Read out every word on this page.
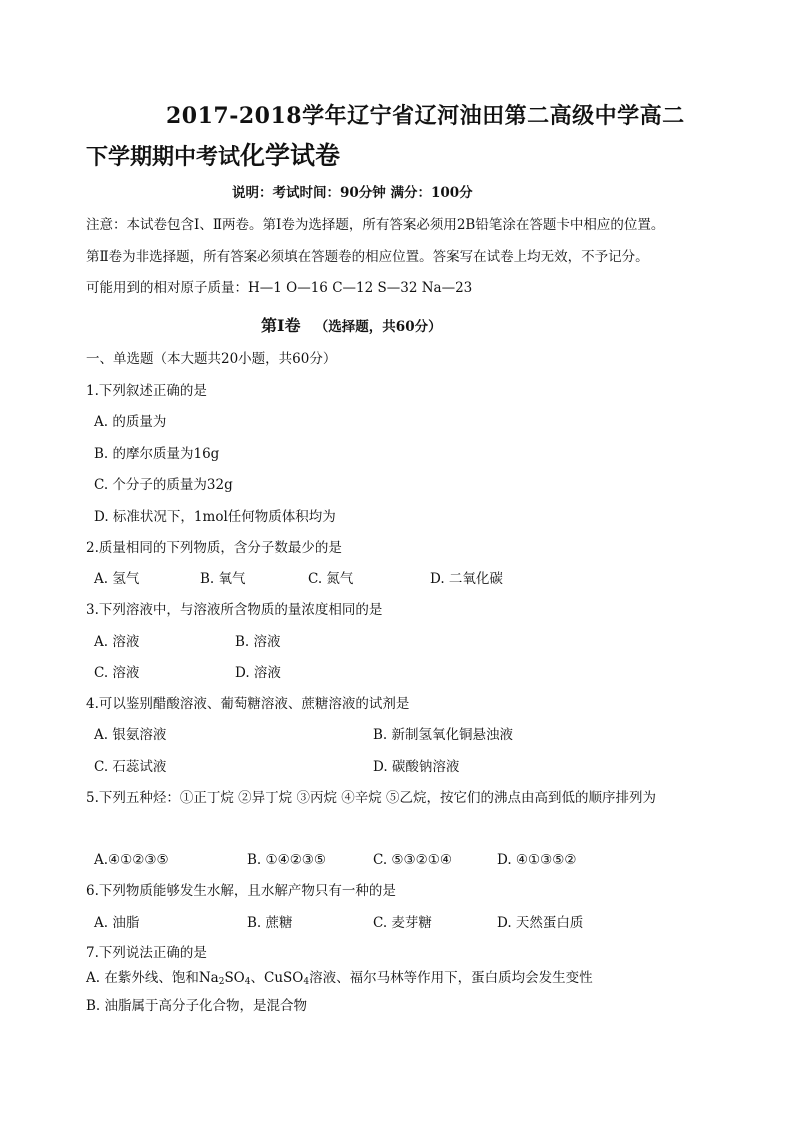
2017-2018学年辽宁省辽河油田第二高级中学高二
下学期期中考试化学试卷
说明：考试时间：90分钟 满分：100分
注意：本试卷包含Ⅰ、Ⅱ两卷。第Ⅰ卷为选择题，所有答案必须用2B铅笔涂在答题卡中相应的位置。
第Ⅱ卷为非选择题，所有答案必须填在答题卷的相应位置。答案写在试卷上均无效，不予记分。
可能用到的相对原子质量：H—1 O—16 C—12 S—32 Na—23
第Ⅰ卷 （选择题，共60分）
一、单选题（本大题共20小题，共60分）
1.下列叙述正确的是
A. 的质量为
B. 的摩尔质量为16g
C. 个分子的质量为32g
D. 标准状况下，1mol任何物质体积均为
2.质量相同的下列物质，含分子数最少的是
A. 氢气	B. 氧气	C. 氮气	D. 二氧化碳
3.下列溶液中，与溶液所含物质的量浓度相同的是
A. 溶液	B. 溶液
C. 溶液	D. 溶液
4.可以鉴别醋酸溶液、葡萄糖溶液、蔗糖溶液的试剂是
A. 银氨溶液	B. 新制氢氧化铜悬浊液
C. 石蕊试液	D. 碳酸钠溶液
5.下列五种烃：①正丁烷 ②异丁烷 ③丙烷 ④辛烷 ⑤乙烷，按它们的沸点由高到低的顺序排列为
A.④①②③⑤	B. ①④②③⑤	C. ⑤③②①④	D. ④①③⑤②
6.下列物质能够发生水解，且水解产物只有一种的是
A. 油脂	B. 蔗糖	C. 麦芽糖	D. 天然蛋白质
7.下列说法正确的是
A. 在紫外线、饱和$Na_2SO_4$、CuSO$_4$溶液、福尔马林等作用下，蛋白质均会发生变性
B. 油脂属于高分子化合物，是混合物
